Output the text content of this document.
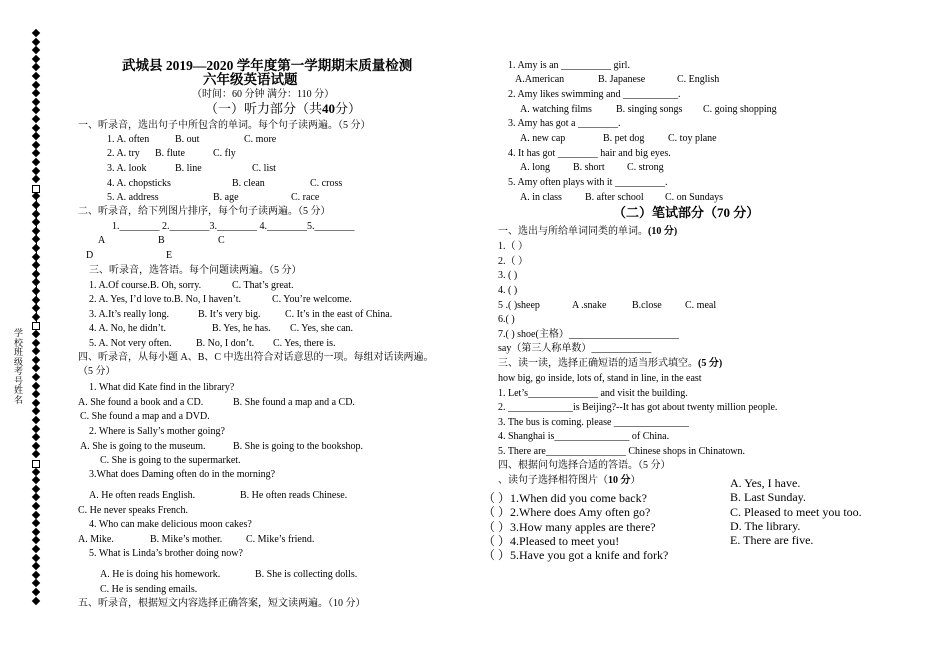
学校班级考号姓名
武城县 2019—2020 学年度第一学期期末质量检测
六年级英语试题
（时间：60 分钟 满分：110 分）
（一）听力部分（共40分）
一、听录音，选出句子中所包含的单词。每个句子读两遍。（5 分）
1. A. often	B. out	C. more
2. A. try B. flute	C. fly
3. A. look	B. line	C. list
4. A. chopsticks	B. clean	C. cross
5. A. address	B. age	C. race
二、听录音，给下列图片排序，每个句子读两遍。（5 分）
1.________ 2.________3.________ 4.________5.________
A	B	C
D	E
三、听录音，选答语。每个问题读两遍。（5 分）
1. A.Of course.B. Oh, sorry.	C. That’s great.
2. A. Yes, I’d love to.B. No, I haven’t.	C. You’re welcome.
3. A.It’s really long.	B. It’s very big. C. It’s in the east of China.
4. A. No, he didn’t.	B. Yes, he has. C. Yes, she can.
5. A. Not very often. B. No, I don’t. C. Yes, there is.
四、听录音，从每小题 A、B、C 中选出符合对话意思的一项。每组对话读两遍。
（5 分）
1. What did Kate find in the library?
A. She found a book and a CD.	B. She found a map and a CD.
C. She found a map and a DVD.
2. Where is Sally’s mother going?
A. She is going to the museum.	B. She is going to the bookshop.
C. She is going to the supermarket.
3.What does Daming often do in the morning?
A. He often reads English.	B. He often reads Chinese.
C. He never speaks French.
4. Who can make delicious moon cakes?
A. Mike.	B. Mike’s mother. C. Mike’s friend.
5. What is Linda’s brother doing now?
A. He is doing his homework.	B. She is collecting dolls.
C. He is sending emails.
五、听录音，根据短文内容选择正确答案，短文读两遍。（10 分）
1. Amy is an __________ girl.
A.American	B. Japanese	C. English
2. Amy likes swimming and ___________.
A. watching films B. singing songs C. going shopping
3. Amy has got a ________.
A. new cap	B. pet dog C. toy plane
4. It has got ________ hair and big eyes.
A. long B. short C. strong
5. Amy often plays with it __________.
A. in class B. after school C. on Sundays
（二）笔试部分（70 分）
一、选出与所给单词同类的单词。(10 分)
1.（ ）
2.（ ）
3. ( )
4. ( )
5 .( )sheep	A .snake	B.close C. meal
6.( )
7.( ) shoe(主格）______________________
say（第三人称单数）____________
三、读一读，选择正确短语的适当形式填空。(5 分)
how big, go inside, lots of, stand in line, in the east
1. Let’s______________ and visit the building.
2. _____________is Beijing?--It has got about twenty million people.
3. The bus is coming. please _______________
4. Shanghai is_______________ of China.
5. There are________________ Chinese shops in Chinatown.
四、根据问句选择合适的答语。（5 分）
、读句子选择相符图片（10 分）
（ ）1.When did you come back?
（ ）2.Where does Amy often go?
（ ）3.How many apples are there?
（ ）4.Pleased to meet you!
（ ）5.Have you got a knife and fork?
A. Yes, I have.
B. Last Sunday.
C. Pleased to meet you too.
D. The library.
E. There are five.
